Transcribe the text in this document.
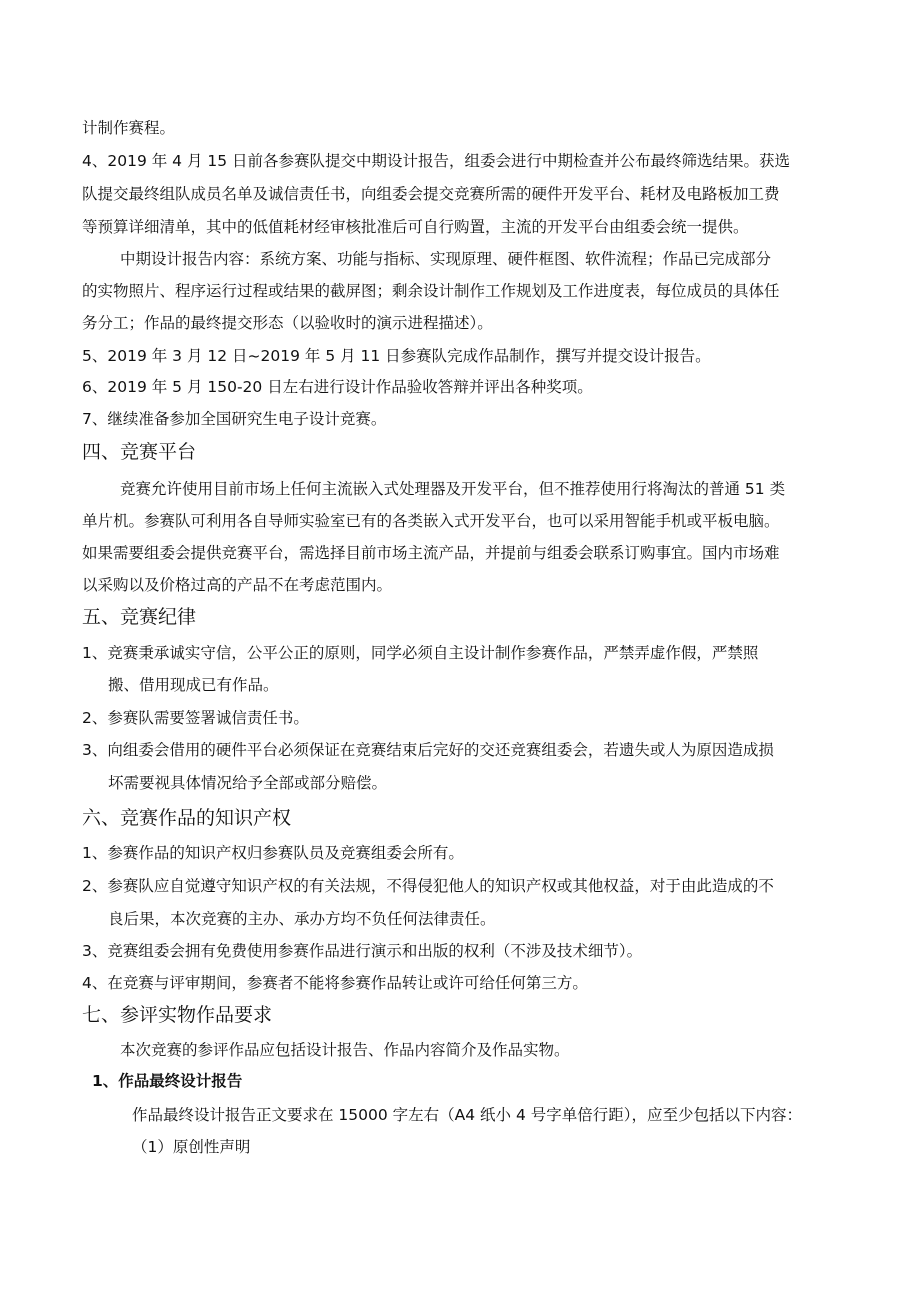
计制作赛程。
4、2019 年 4 月 15 日前各参赛队提交中期设计报告，组委会进行中期检查并公布最终筛选结果。获选
队提交最终组队成员名单及诚信责任书，向组委会提交竞赛所需的硬件开发平台、耗材及电路板加工费
等预算详细清单，其中的低值耗材经审核批准后可自行购置，主流的开发平台由组委会统一提供。
中期设计报告内容：系统方案、功能与指标、实现原理、硬件框图、软件流程；作品已完成部分
的实物照片、程序运行过程或结果的截屏图；剩余设计制作工作规划及工作进度表，每位成员的具体任
务分工；作品的最终提交形态（以验收时的演示进程描述）。
5、2019 年 3 月 12 日~2019 年 5 月 11 日参赛队完成作品制作，撰写并提交设计报告。
6、2019 年 5 月 150-20 日左右进行设计作品验收答辩并评出各种奖项。
7、继续准备参加全国研究生电子设计竞赛。
四、竞赛平台
竞赛允许使用目前市场上任何主流嵌入式处理器及开发平台，但不推荐使用行将淘汰的普通 51 类
单片机。参赛队可利用各自导师实验室已有的各类嵌入式开发平台，也可以采用智能手机或平板电脑。
如果需要组委会提供竞赛平台，需选择目前市场主流产品，并提前与组委会联系订购事宜。国内市场难
以采购以及价格过高的产品不在考虑范围内。
五、竞赛纪律
1、竞赛秉承诚实守信，公平公正的原则，同学必须自主设计制作参赛作品，严禁弄虚作假，严禁照
搬、借用现成已有作品。
2、参赛队需要签署诚信责任书。
3、向组委会借用的硬件平台必须保证在竞赛结束后完好的交还竞赛组委会，若遗失或人为原因造成损
坏需要视具体情况给予全部或部分赔偿。
六、竞赛作品的知识产权
1、参赛作品的知识产权归参赛队员及竞赛组委会所有。
2、参赛队应自觉遵守知识产权的有关法规，不得侵犯他人的知识产权或其他权益，对于由此造成的不
良后果，本次竞赛的主办、承办方均不负任何法律责任。
3、竞赛组委会拥有免费使用参赛作品进行演示和出版的权利（不涉及技术细节）。
4、在竞赛与评审期间，参赛者不能将参赛作品转让或许可给任何第三方。
七、参评实物作品要求
本次竞赛的参评作品应包括设计报告、作品内容简介及作品实物。
1、作品最终设计报告
作品最终设计报告正文要求在 15000 字左右（A4 纸小 4 号字单倍行距），应至少包括以下内容：
（1）原创性声明
